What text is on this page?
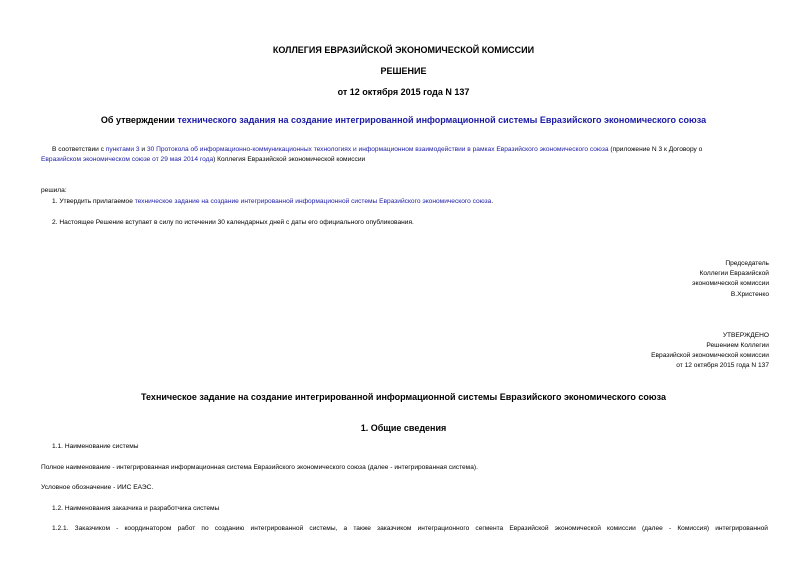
КОЛЛЕГИЯ ЕВРАЗИЙСКОЙ ЭКОНОМИЧЕСКОЙ КОМИССИИ
РЕШЕНИЕ
от 12 октября 2015 года N 137
Об утверждении технического задания на создание интегрированной информационной системы Евразийского экономического союза
В соответствии с пунктами 3 и 30 Протокола об информационно-коммуникационных технологиях и информационном взаимодействии в рамках Евразийского экономического союза (приложение N 3 к Договору о
Евразийском экономическом союзе от 29 мая 2014 года) Коллегия Евразийской экономической комиссии
решила:
1. Утвердить прилагаемое техническое задание на создание интегрированной информационной системы Евразийского экономического союза.
2. Настоящее Решение вступает в силу по истечении 30 календарных дней с даты его официального опубликования.
Председатель
Коллегии Евразийской
экономической комиссии
В.Христенко
УТВЕРЖДЕНО
Решением Коллегии
Евразийской экономической комиссии
от 12 октября 2015 года N 137
Техническое задание на создание интегрированной информационной системы Евразийского экономического союза
1. Общие сведения
1.1. Наименование системы
Полное наименование - интегрированная информационная система Евразийского экономического союза (далее - интегрированная система).
Условное обозначение - ИИС ЕАЭС.
1.2. Наименования заказчика и разработчика системы
1.2.1. Заказчиком - координатором работ по созданию интегрированной системы, а также заказчиком интеграционного сегмента Евразийской экономической комиссии (далее - Комиссия) интегрированной
